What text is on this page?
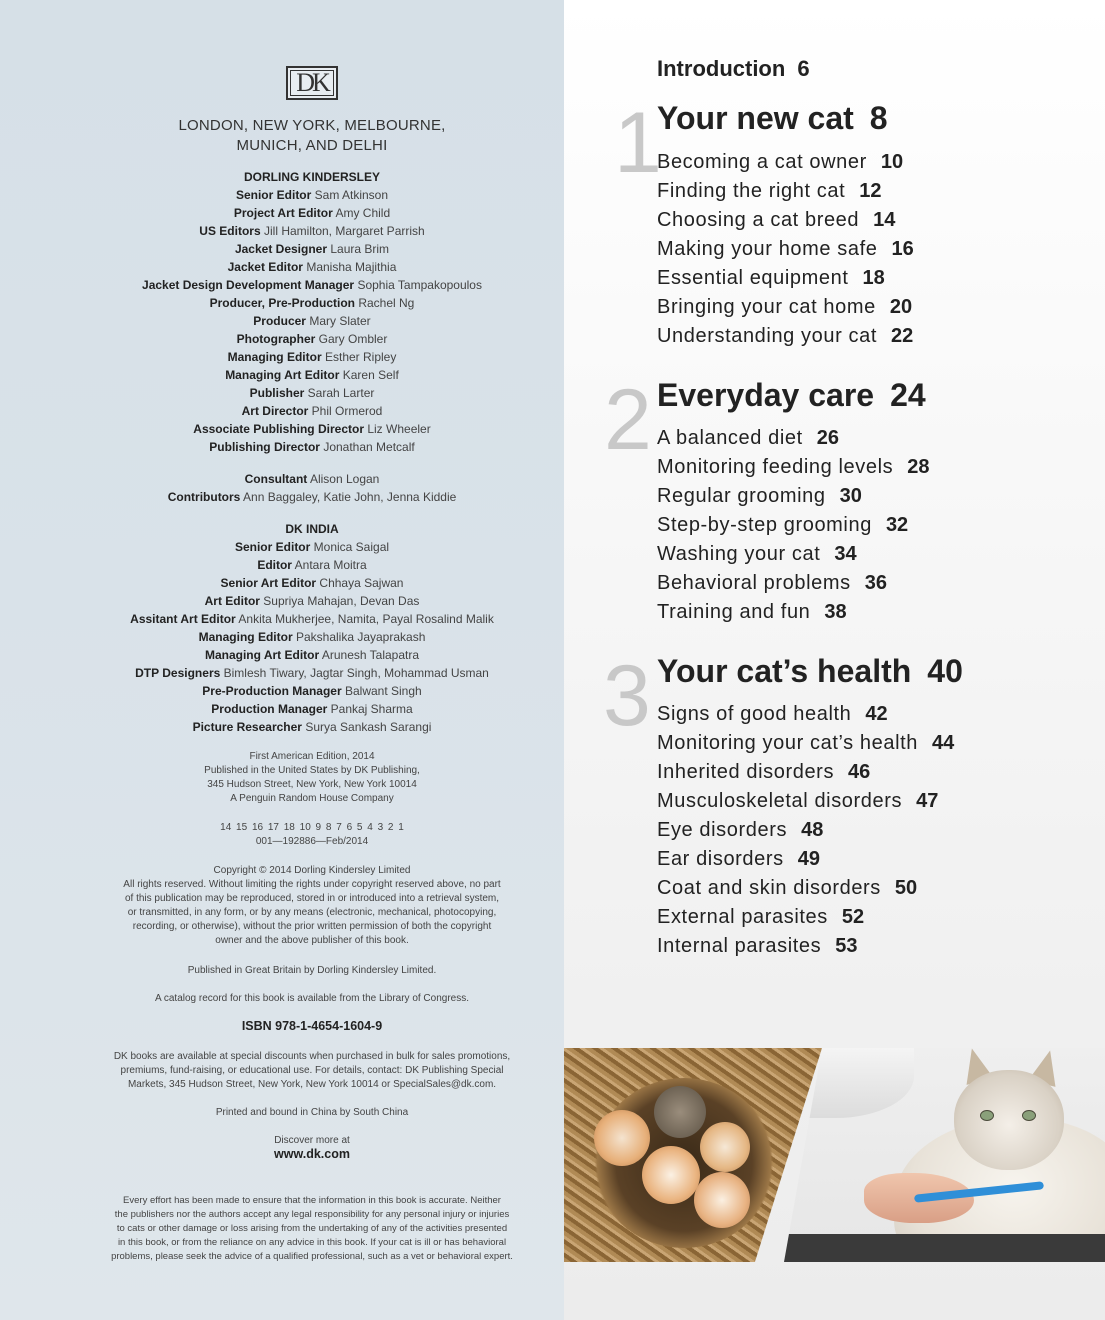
DK
LONDON, NEW YORK, MELBOURNE,
MUNICH, AND DELHI
DORLING KINDERSLEY
Senior Editor Sam Atkinson
Project Art Editor Amy Child
US Editors Jill Hamilton, Margaret Parrish
Jacket Designer Laura Brim
Jacket Editor Manisha Majithia
Jacket Design Development Manager Sophia Tampakopoulos
Producer, Pre-Production Rachel Ng
Producer Mary Slater
Photographer Gary Ombler
Managing Editor Esther Ripley
Managing Art Editor Karen Self
Publisher Sarah Larter
Art Director Phil Ormerod
Associate Publishing Director Liz Wheeler
Publishing Director Jonathan Metcalf
Consultant Alison Logan
Contributors Ann Baggaley, Katie John, Jenna Kiddie
DK INDIA
Senior Editor Monica Saigal
Editor Antara Moitra
Senior Art Editor Chhaya Sajwan
Art Editor Supriya Mahajan, Devan Das
Assitant Art Editor Ankita Mukherjee, Namita, Payal Rosalind Malik
Managing Editor Pakshalika Jayaprakash
Managing Art Editor Arunesh Talapatra
DTP Designers Bimlesh Tiwary, Jagtar Singh, Mohammad Usman
Pre-Production Manager Balwant Singh
Production Manager Pankaj Sharma
Picture Researcher Surya Sankash Sarangi
First American Edition, 2014
Published in the United States by DK Publishing,
345 Hudson Street, New York, New York 10014
A Penguin Random House Company
14 15 16 17 18 10 9 8 7 6 5 4 3 2 1
001—192886—Feb/2014
Copyright © 2014 Dorling Kindersley Limited
All rights reserved. Without limiting the rights under copyright reserved above, no part
of this publication may be reproduced, stored in or introduced into a retrieval system,
or transmitted, in any form, or by any means (electronic, mechanical, photocopying,
recording, or otherwise), without the prior written permission of both the copyright
owner and the above publisher of this book.
Published in Great Britain by Dorling Kindersley Limited.
A catalog record for this book is available from the Library of Congress.
ISBN 978-1-4654-1604-9
DK books are available at special discounts when purchased in bulk for sales promotions,
premiums, fund-raising, or educational use. For details, contact: DK Publishing Special
Markets, 345 Hudson Street, New York, New York 10014 or SpecialSales@dk.com.
Printed and bound in China by South China
Discover more at
www.dk.com
Every effort has been made to ensure that the information in this book is accurate. Neither
the publishers nor the authors accept any legal responsibility for any personal injury or injuries
to cats or other damage or loss arising from the undertaking of any of the activities presented
in this book, or from the reliance on any advice in this book. If your cat is ill or has behavioral
problems, please seek the advice of a qualified professional, such as a vet or behavioral expert.
Introduction 6
1
Your new cat 8
Becoming a cat owner 10
Finding the right cat 12
Choosing a cat breed 14
Making your home safe 16
Essential equipment 18
Bringing your cat home 20
Understanding your cat 22
2 Everyday care 24
A balanced diet 26
Monitoring feeding levels 28
Regular grooming 30
Step-by-step grooming 32
Washing your cat 34
Behavioral problems 36
Training and fun 38
3 Your cat’s health 40
Signs of good health 42
Monitoring your cat’s health 44
Inherited disorders 46
Musculoskeletal disorders 47
Eye disorders 48
Ear disorders 49
Coat and skin disorders 50
External parasites 52
Internal parasites 53
